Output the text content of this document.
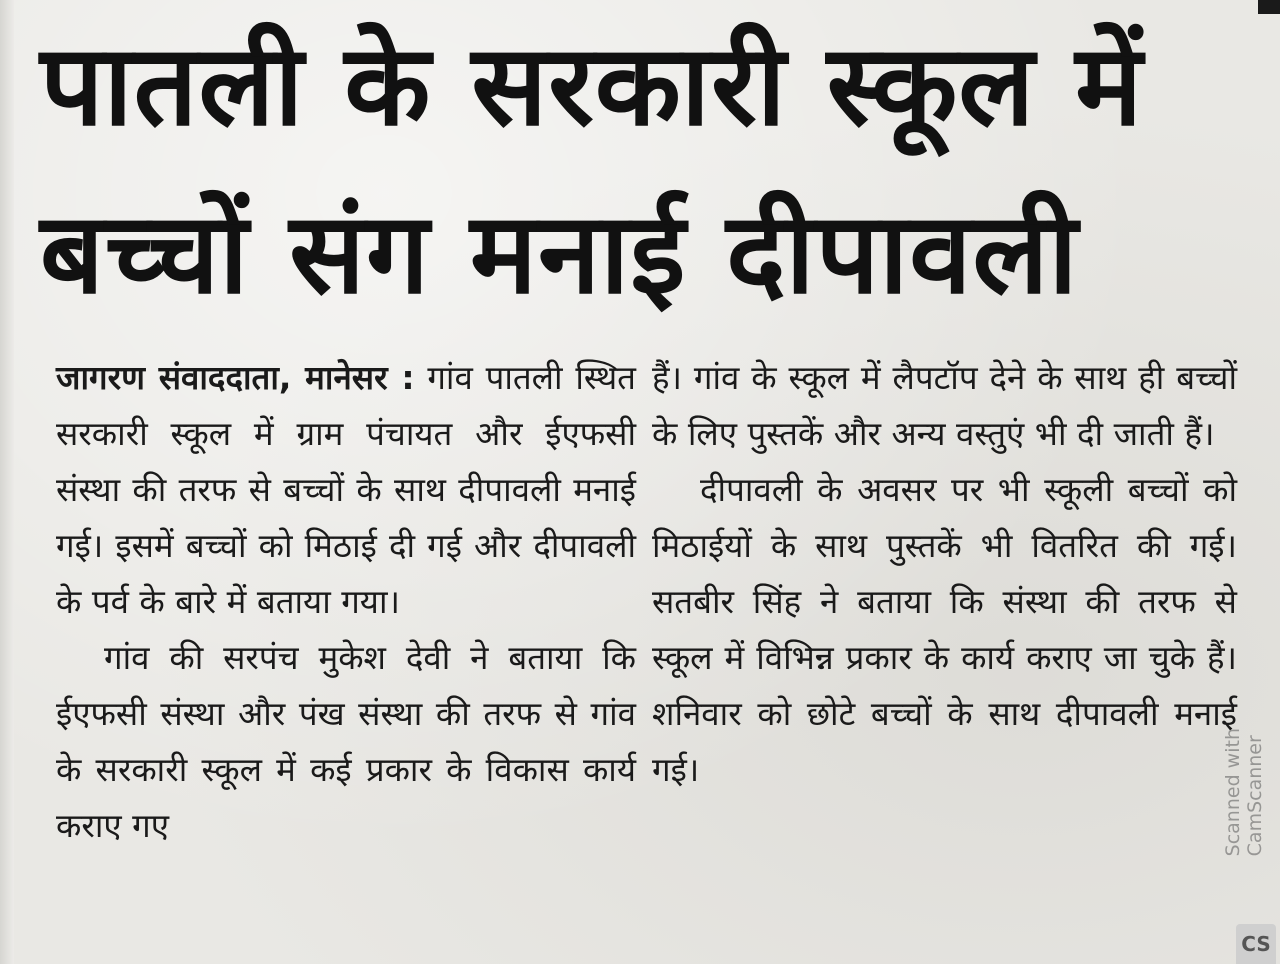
पातली के सरकारी स्कूल में
बच्चों संग मनाई दीपावली

जागरण संवाददाता, मानेसर : गांव पातली स्थित सरकारी स्कूल में ग्राम पंचायत और ईएफसी संस्था की तरफ से बच्चों के साथ दीपावली मनाई गई। इसमें बच्चों को मिठाई दी गई और दीपावली के पर्व के बारे में बताया गया।

गांव की सरपंच मुकेश देवी ने बताया कि ईएफसी संस्था और पंख संस्था की तरफ से गांव के सरकारी स्कूल में कई प्रकार के विकास कार्य कराए गए

हैं। गांव के स्कूल में लैपटॉप देने के साथ ही बच्चों के लिए पुस्तकें और अन्य वस्तुएं भी दी जाती हैं।

दीपावली के अवसर पर भी स्कूली बच्चों को मिठाईयों के साथ पुस्तकें भी वितरित की गई। सतबीर सिंह ने बताया कि संस्था की तरफ से स्कूल में विभिन्न प्रकार के कार्य कराए जा चुके हैं। शनिवार को छोटे बच्चों के साथ दीपावली मनाई गई।	Scanned with
CamScanner
CS
